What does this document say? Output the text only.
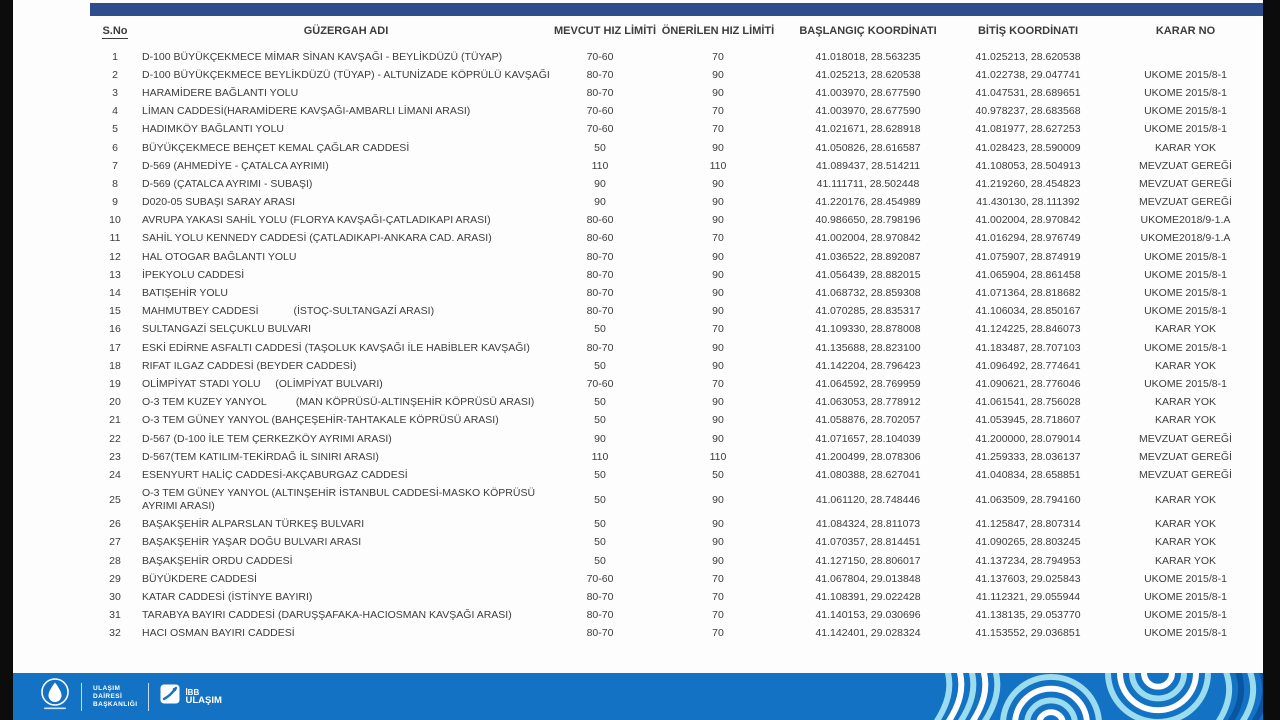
S.No	GÜZERGAH ADI	MEVCUT HIZ LİMİTİ	ÖNERİLEN HIZ LİMİTİ	BAŞLANGIÇ KOORDİNATI	BİTİŞ KOORDİNATI	KARAR NO
1	D-100 BÜYÜKÇEKMECE MİMAR SİNAN KAVŞAĞI - BEYLİKDÜZÜ (TÜYAP)	70-60	70	41.018018, 28.563235	41.025213, 28.620538	
2	D-100 BÜYÜKÇEKMECE BEYLİKDÜZÜ (TÜYAP) - ALTUNİZADE KÖPRÜLÜ KAVŞAĞI	80-70	90	41.025213, 28.620538	41.022738, 29.047741	UKOME 2015/8-1
3	HARAMİDERE BAĞLANTI YOLU	80-70	90	41.003970, 28.677590	41.047531, 28.689651	UKOME 2015/8-1
4	LİMAN CADDESİ(HARAMİDERE KAVŞAĞI-AMBARLI LİMANI ARASI)	70-60	70	41.003970, 28.677590	40.978237, 28.683568	UKOME 2015/8-1
5	HADIMKÖY BAĞLANTI YOLU	70-60	70	41.021671, 28.628918	41.081977, 28.627253	UKOME 2015/8-1
6	BÜYÜKÇEKMECE BEHÇET KEMAL ÇAĞLAR CADDESİ	50	90	41.050826, 28.616587	41.028423, 28.590009	KARAR YOK
7	D-569 (AHMEDİYE - ÇATALCA AYRIMI)	110	110	41.089437, 28.514211	41.108053, 28.504913	MEVZUAT GEREĞİ
8	D-569 (ÇATALCA AYRIMI - SUBAŞI)	90	90	41.111711, 28.502448	41.219260, 28.454823	MEVZUAT GEREĞİ
9	D020-05 SUBAŞI SARAY ARASI	90	90	41.220176, 28.454989	41.430130, 28.111392	MEVZUAT GEREĞİ
10	AVRUPA YAKASI SAHİL YOLU (FLORYA KAVŞAĞI-ÇATLADIKAPI ARASI)	80-60	90	40.986650, 28.798196	41.002004, 28.970842	UKOME2018/9-1.A
11	SAHİL YOLU KENNEDY CADDESİ (ÇATLADIKAPI-ANKARA CAD. ARASI)	80-60	70	41.002004, 28.970842	41.016294, 28.976749	UKOME2018/9-1.A
12	HAL OTOGAR BAĞLANTI YOLU	80-70	90	41.036522, 28.892087	41.075907, 28.874919	UKOME 2015/8-1
13	İPEKYOLU CADDESİ	80-70	90	41.056439, 28.882015	41.065904, 28.861458	UKOME 2015/8-1
14	BATIŞEHİR YOLU	80-70	90	41.068732, 28.859308	41.071364, 28.818682	UKOME 2015/8-1
15	MAHMUTBEY CADDESİ            (İSTOÇ-SULTANGAZİ ARASI)	80-70	90	41.070285, 28.835317	41.106034, 28.850167	UKOME 2015/8-1
16	SULTANGAZİ SELÇUKLU BULVARI	50	70	41.109330, 28.878008	41.124225, 28.846073	KARAR YOK
17	ESKİ EDİRNE ASFALTI CADDESİ (TAŞOLUK KAVŞAĞI İLE HABİBLER KAVŞAĞI)	80-70	90	41.135688, 28.823100	41.183487, 28.707103	UKOME 2015/8-1
18	RIFAT ILGAZ CADDESİ (BEYDER CADDESİ)	50	90	41.142204, 28.796423	41.096492, 28.774641	KARAR YOK
19	OLİMPİYAT STADI YOLU     (OLİMPİYAT BULVARI)	70-60	70	41.064592, 28.769959	41.090621, 28.776046	UKOME 2015/8-1
20	O-3 TEM KUZEY YANYOL          (MAN KÖPRÜSÜ-ALTINŞEHİR KÖPRÜSÜ ARASI)	50	90	41.063053, 28.778912	41.061541, 28.756028	KARAR YOK
21	O-3 TEM GÜNEY YANYOL (BAHÇEŞEHİR-TAHTAKALE KÖPRÜSÜ ARASI)	50	90	41.058876, 28.702057	41.053945, 28.718607	KARAR YOK
22	D-567 (D-100 İLE TEM ÇERKEZKÖY AYRIMI ARASI)	90	90	41.071657, 28.104039	41.200000, 28.079014	MEVZUAT GEREĞİ
23	D-567(TEM KATILIM-TEKİRDAĞ İL SINIRI ARASI)	110	110	41.200499, 28.078306	41.259333, 28.036137	MEVZUAT GEREĞİ
24	ESENYURT HALİÇ CADDESİ-AKÇABURGAZ CADDESİ	50	50	41.080388, 28.627041	41.040834, 28.658851	MEVZUAT GEREĞİ
25	O-3 TEM GÜNEY YANYOL (ALTINŞEHİR İSTANBUL CADDESİ-MASKO KÖPRÜSÜ AYRIMI ARASI)	50	90	41.061120, 28.748446	41.063509, 28.794160	KARAR YOK
26	BAŞAKŞEHİR ALPARSLAN TÜRKEŞ BULVARI	50	90	41.084324, 28.811073	41.125847, 28.807314	KARAR YOK
27	BAŞAKŞEHİR YAŞAR DOĞU BULVARI ARASI	50	90	41.070357, 28.814451	41.090265, 28.803245	KARAR YOK
28	BAŞAKŞEHİR ORDU CADDESİ	50	90	41.127150, 28.806017	41.137234, 28.794953	KARAR YOK
29	BÜYÜKDERE CADDESİ	70-60	70	41.067804, 29.013848	41.137603, 29.025843	UKOME 2015/8-1
30	KATAR CADDESİ (İSTİNYE BAYIRI)	80-70	70	41.108391, 29.022428	41.112321, 29.055944	UKOME 2015/8-1
31	TARABYA BAYIRI CADDESİ (DARUŞŞAFAKA-HACIOSMAN KAVŞAĞI ARASI)	80-70	70	41.140153, 29.030696	41.138135, 29.053770	UKOME 2015/8-1
32	HACI OSMAN BAYIRI CADDESİ	80-70	70	41.142401, 29.028324	41.153552, 29.036851	UKOME 2015/8-1
ULAŞIM
DAİRESİ
BAŞKANLIĞI
İBB
ULAŞIM
